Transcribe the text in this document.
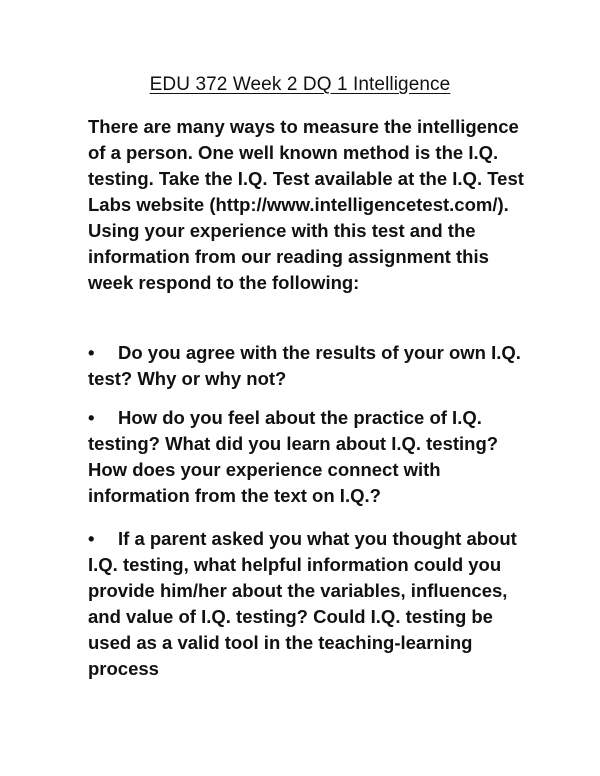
EDU 372 Week 2 DQ 1 Intelligence

There are many ways to measure the intelligence of a person. One well known method is the I.Q. testing. Take the I.Q. Test available at the I.Q. Test Labs website (http://www.intelligencetest.com/). Using your experience with this test and the information from our reading assignment this week respond to the following:

• Do you agree with the results of your own I.Q. test? Why or why not?

• How do you feel about the practice of I.Q. testing? What did you learn about I.Q. testing? How does your experience connect with information from the text on I.Q.?

• If a parent asked you what you thought about I.Q. testing, what helpful information could you provide him/her about the variables, influences, and value of I.Q. testing? Could I.Q. testing be used as a valid tool in the teaching-learning process
